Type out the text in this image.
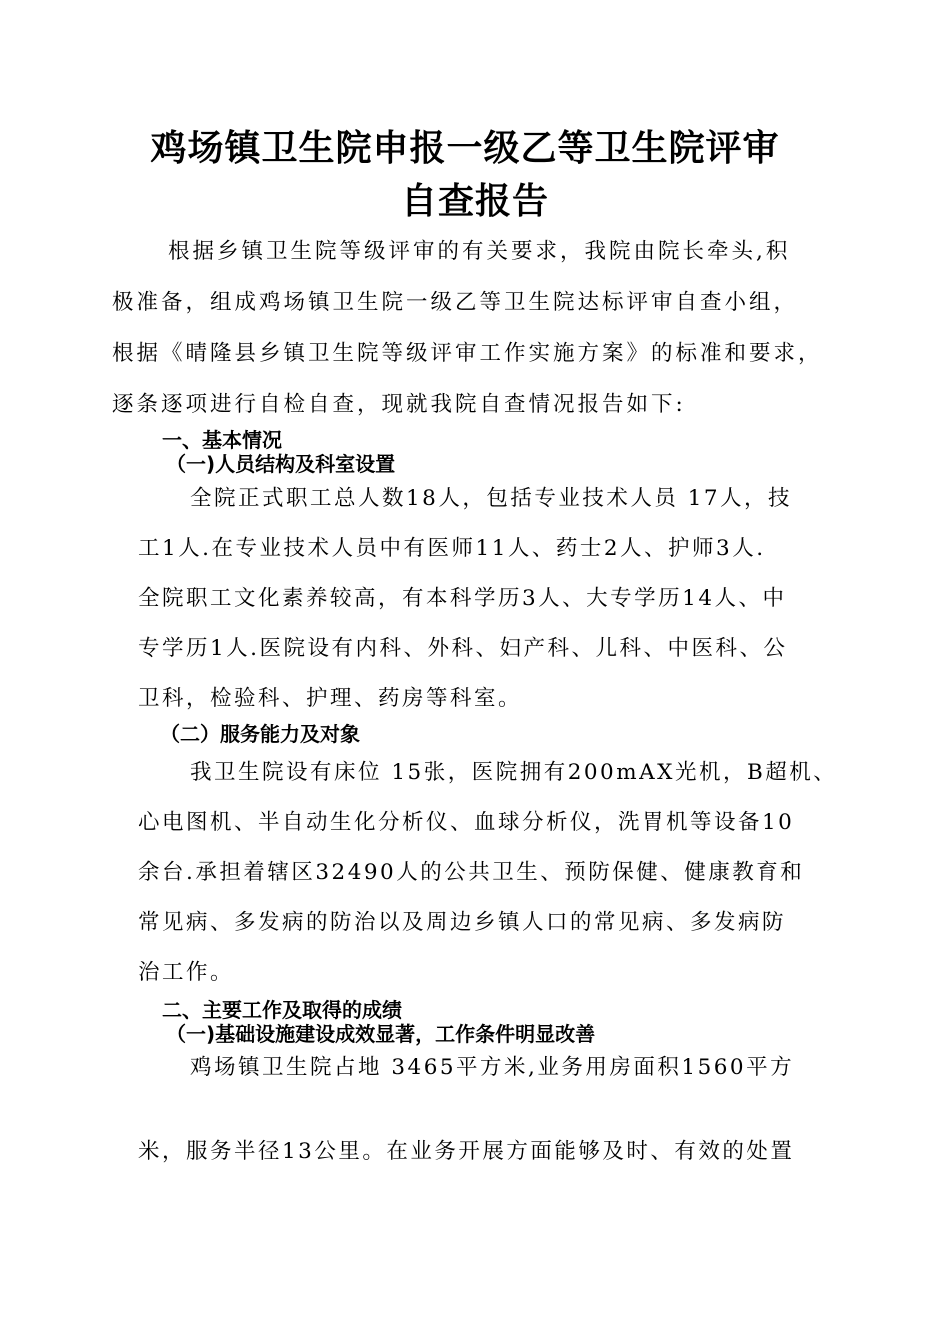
鸡场镇卫生院申报一级乙等卫生院评审
自查报告
根据乡镇卫生院等级评审的有关要求，我院由院长牵头,积
极准备，组成鸡场镇卫生院一级乙等卫生院达标评审自查小组，
根据《晴隆县乡镇卫生院等级评审工作实施方案》的标准和要求，
逐条逐项进行自检自查，现就我院自查情况报告如下:
一、基本情况
（一)人员结构及科室设置
全院正式职工总人数18人，包括专业技术人员 17人，技
工1人.在专业技术人员中有医师11人、药士2人、护师3人.
全院职工文化素养较高，有本科学历3人、大专学历14人、中
专学历1人.医院设有内科、外科、妇产科、儿科、中医科、公
卫科，检验科、护理、药房等科室。
（二）服务能力及对象
我卫生院设有床位 15张，医院拥有200mAX光机，B超机、
心电图机、半自动生化分析仪、血球分析仪，洗胃机等设备10
余台.承担着辖区32490人的公共卫生、预防保健、健康教育和
常见病、多发病的防治以及周边乡镇人口的常见病、多发病防
治工作。
二、主要工作及取得的成绩
（一)基础设施建设成效显著，工作条件明显改善
鸡场镇卫生院占地 3465平方米,业务用房面积1560平方
米，服务半径13公里。在业务开展方面能够及时、有效的处置
